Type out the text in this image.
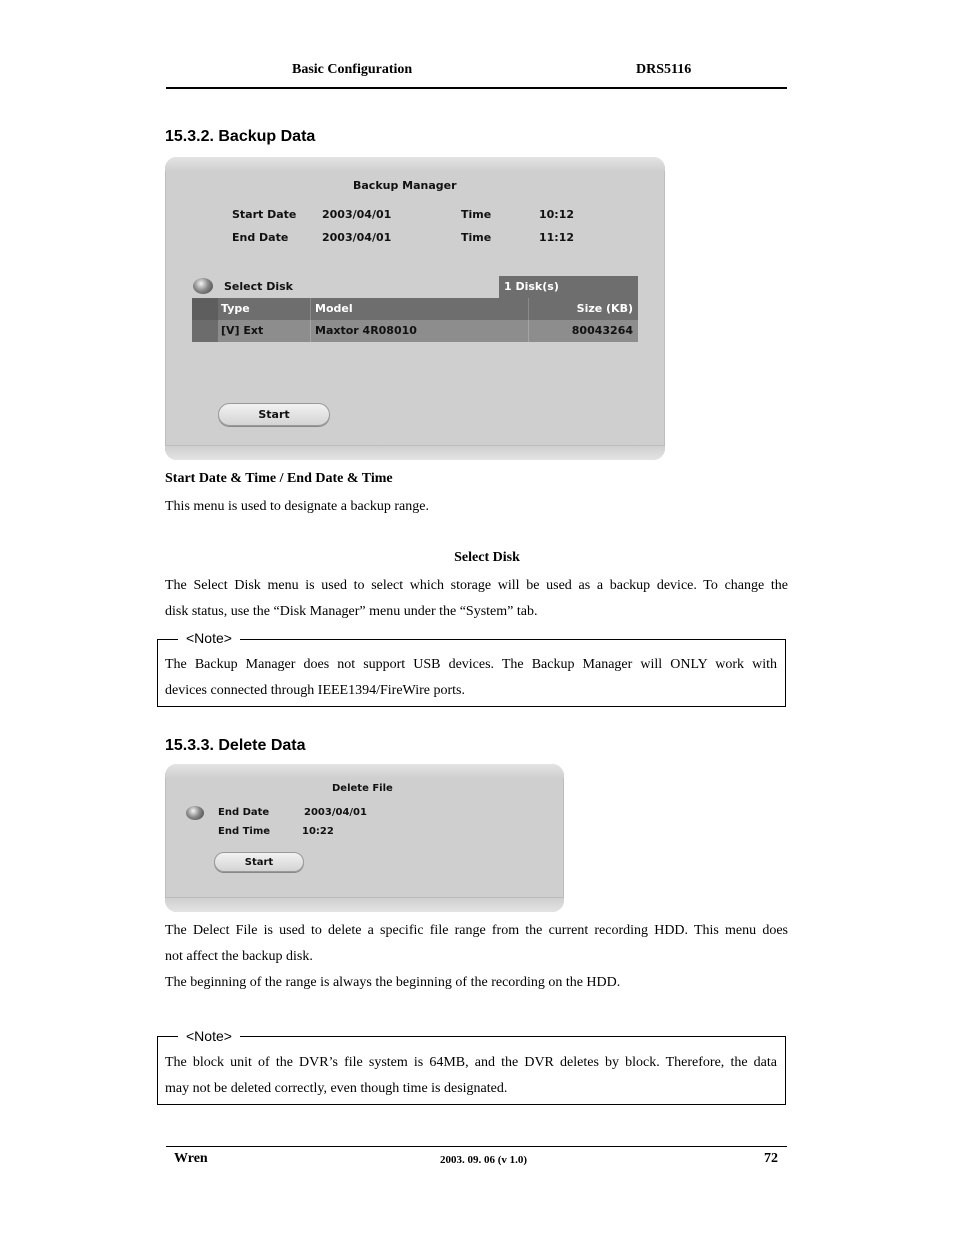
Basic Configuration	DRS5116
15.3.2. Backup Data
Backup Manager
Start Date 2003/04/01	Time	10:12
End Date	2003/04/01	Time	11:12
Select Disk	1 Disk(s)
Type	Model	Size (KB)
[V] Ext	Maxtor 4R08010	80043264
Start
Start Date & Time / End Date & Time
This menu is used to designate a backup range.
Select Disk
The Select Disk menu is used to select which storage will be used as a backup device. To change the
disk status, use the “Disk Manager” menu under the “System” tab.
<Note>
The Backup Manager does not support USB devices. The Backup Manager will ONLY work with
devices connected through IEEE1394/FireWire ports.
15.3.3. Delete Data
Delete File
End Date	2003/04/01
End Time	10:22
Start
The Delect File is used to delete a specific file range from the current recording HDD. This menu does
not affect the backup disk.
The beginning of the range is always the beginning of the recording on the HDD.
<Note>
The block unit of the DVR’s file system is 64MB, and the DVR deletes by block. Therefore, the data
may not be deleted correctly, even though time is designated.
Wren	2003. 09. 06 (v 1.0)	72
